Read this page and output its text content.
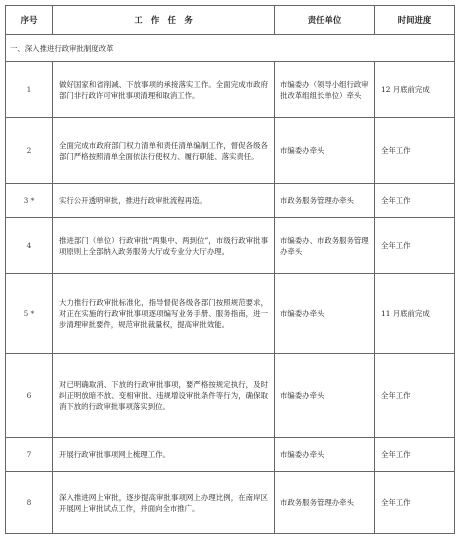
序号	工　作　任　务	责任单位	时间进度
一、深入推进行政审批制度改革			
1	做好国家和省削减、下放事项的承接落实工作。全面完成市政府部门非行政许可审批事项清理和取消工作。	市编委办（领导小组行政审批改革组组长单位）牵头	12 月底前完成
2	全面完成市政府部门权力清单和责任清单编制工作，督促各级各部门严格按照清单全面依法行使权力、履行职能、落实责任。	市编委办牵头	全年工作
3 *	实行公开透明审批，推进行政审批流程再造。	市政务服务管理办牵头	全年工作
4	推进部门（单位）行政审批“两集中、两到位”，市级行政审批事项原则上全部纳入政务服务大厅或专业分大厅办理。	市编委办、市政务服务管理办牵头	全年工作
5 *	大力推行行政审批标准化，指导督促各级各部门按照规范要求，对正在实施的行政审批事项逐项编写业务手册、服务指南，进一步清理审批要件，规范审批裁量权，提高审批效能。	市编委办牵头	11 月底前完成
6	对已明确取消、下放的行政审批事项，要严格按规定执行，及时纠正明放暗不放、变相审批、违规增设审批条件等行为，确保取消下放的行政审批事项落实到位。	市编委办牵头	全年工作
7	开展行政审批事项网上梳理工作。	市编委办牵头	全年工作
8	深入推进网上审批，逐步提高审批事项网上办理比例，在南岸区开展网上审批试点工作，并面向全市推广。	市政务服务管理办牵头	全年工作
